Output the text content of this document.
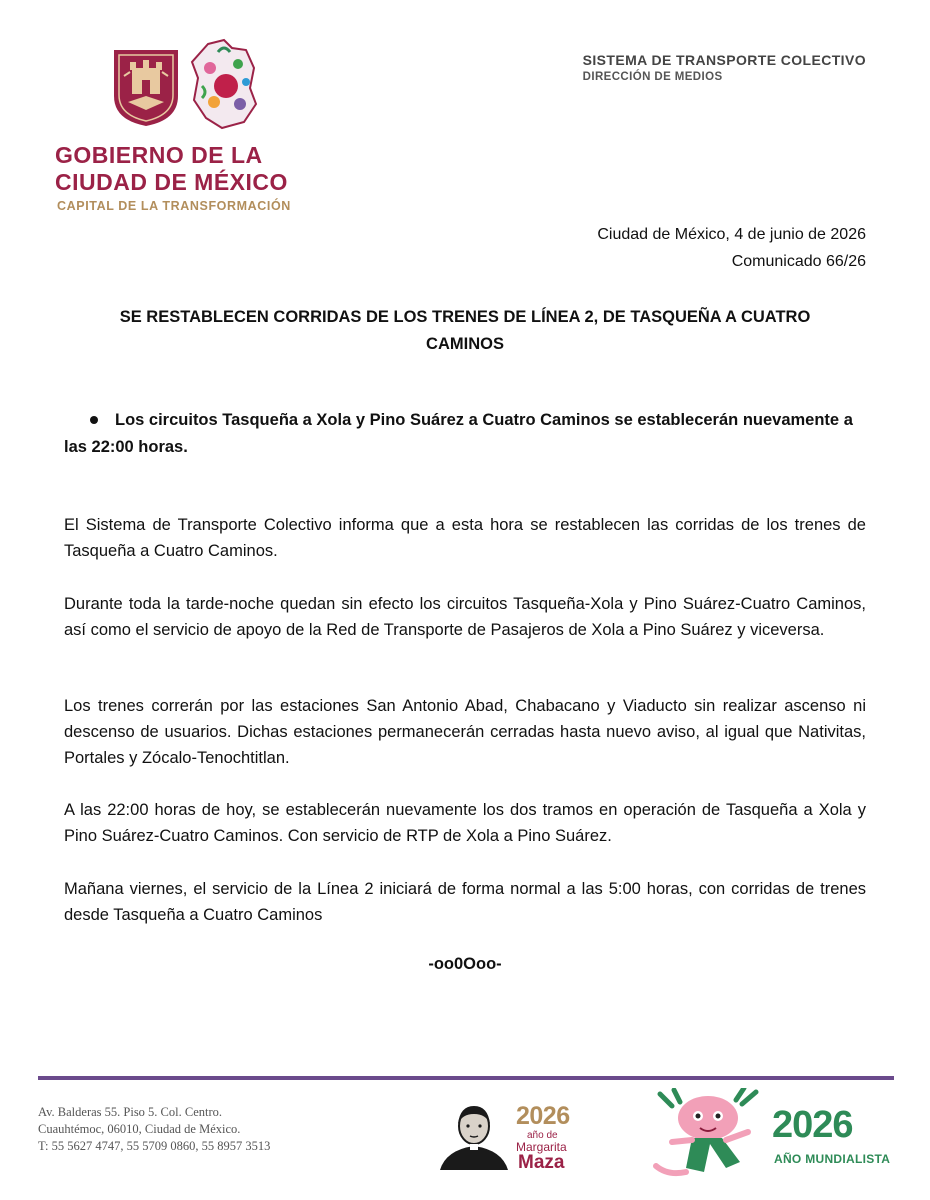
GOBIERNO DE LA
CIUDAD DE MÉXICO
CAPITAL DE LA TRANSFORMACIÓN
SISTEMA DE TRANSPORTE COLECTIVO
DIRECCIÓN DE MEDIOS
Ciudad de México, 4 de junio de 2026
Comunicado 66/26
SE RESTABLECEN CORRIDAS DE LOS TRENES DE LÍNEA 2, DE TASQUEÑA A CUATRO CAMINOS
Los circuitos Tasqueña a Xola y Pino Suárez a Cuatro Caminos se establecerán nuevamente a las 22:00 horas.
El Sistema de Transporte Colectivo informa que a esta hora se restablecen las corridas de los trenes de Tasqueña a Cuatro Caminos.
Durante toda la tarde-noche quedan sin efecto los circuitos Tasqueña-Xola y Pino Suárez-Cuatro Caminos, así como el servicio de apoyo de la Red de Transporte de Pasajeros de Xola a Pino Suárez y viceversa.
Los trenes correrán por las estaciones San Antonio Abad, Chabacano y Viaducto sin realizar ascenso ni descenso de usuarios. Dichas estaciones permanecerán cerradas hasta nuevo aviso, al igual que Nativitas, Portales y Zócalo-Tenochtitlan.
A las 22:00 horas de hoy, se establecerán nuevamente los dos tramos en operación de Tasqueña a Xola y Pino Suárez-Cuatro Caminos. Con servicio de RTP de Xola a Pino Suárez.
Mañana viernes, el servicio de la Línea 2 iniciará de forma normal a las 5:00 horas, con corridas de trenes desde Tasqueña a Cuatro Caminos
-oo0Ooo-
Av. Balderas 55. Piso 5. Col. Centro.
Cuauhtémoc, 06010, Ciudad de México.
T: 55 5627 4747, 55 5709 0860, 55 8957 3513
2026
año de
Margarita
Maza
2026
AÑO MUNDIALISTA
